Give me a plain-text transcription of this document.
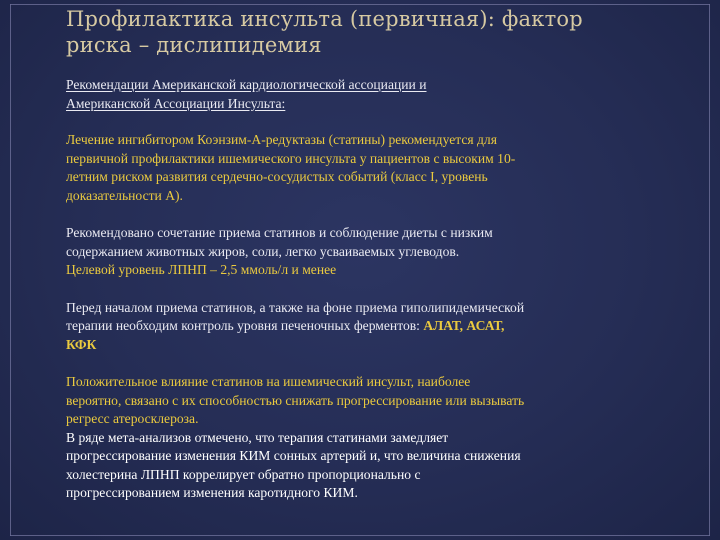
Профилактика инсульта (первичная): фактор
риска – дислипидемия
Рекомендации Американской кардиологической ассоциации и
Американской Ассоциации Инсульта:
Лечение ингибитором Коэнзим-А-редуктазы (статины) рекомендуется для
первичной профилактики ишемического инсульта у пациентов с высоким 10-
летним риском развития сердечно-сосудистых событий (класс I, уровень
доказательности А).
Рекомендовано сочетание приема статинов и соблюдение диеты с низким
содержанием животных жиров, соли, легко усваиваемых углеводов.
Целевой уровень ЛПНП – 2,5 ммоль/л и менее
Перед началом приема статинов, а также на фоне приема гиполипидемической
терапии необходим контроль уровня печеночных ферментов: АЛАТ, АСАТ,
КФК
Положительное влияние статинов на ишемический инсульт, наиболее
вероятно, связано с их способностью снижать прогрессирование или вызывать
регресс атеросклероза.
В ряде мета-анализов отмечено, что терапия статинами замедляет
прогрессирование изменения КИМ сонных артерий и, что величина снижения
холестерина ЛПНП коррелирует обратно пропорционально с
прогрессированием изменения каротидного КИМ.
